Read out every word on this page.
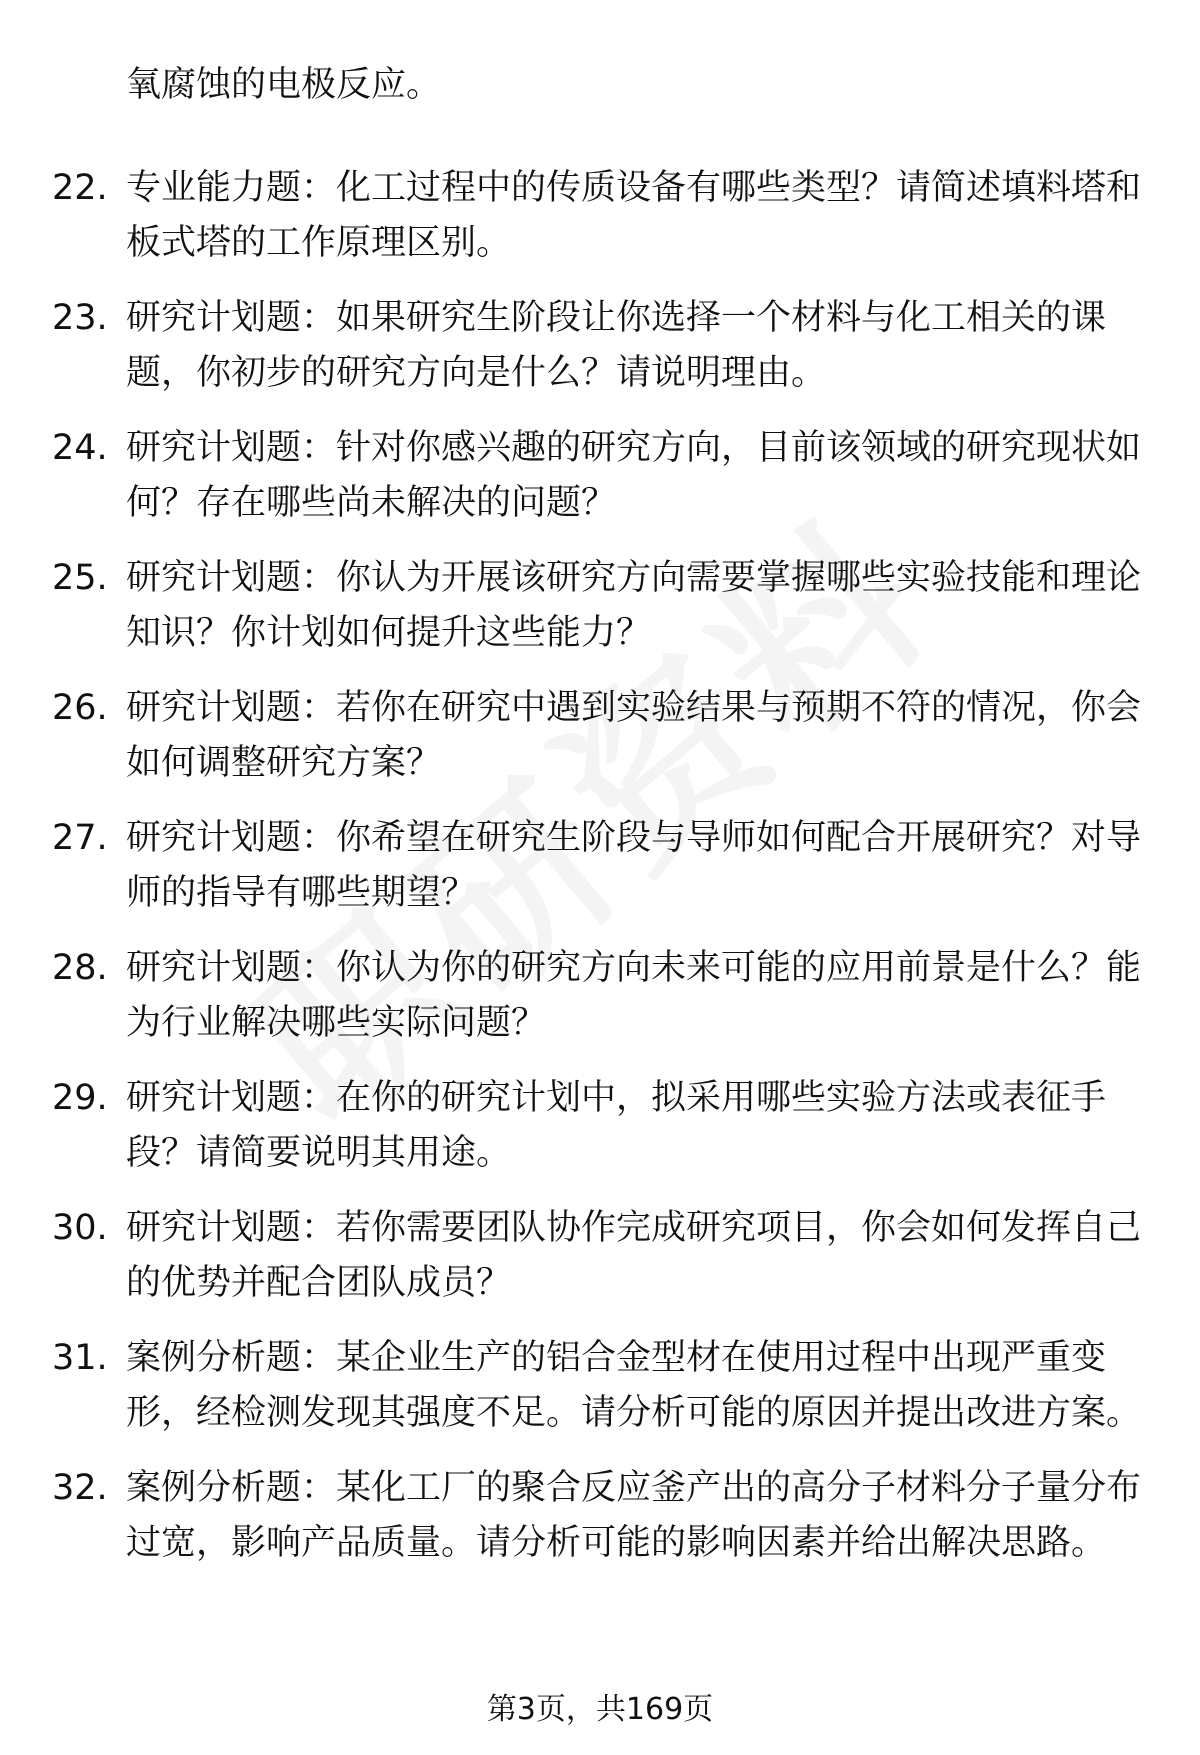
氧腐蚀的电极反应。
22. 专业能力题：化工过程中的传质设备有哪些类型？请简述填料塔和板式塔的工作原理区别。
23. 研究计划题：如果研究生阶段让你选择一个材料与化工相关的课题，你初步的研究方向是什么？请说明理由。
24. 研究计划题：针对你感兴趣的研究方向，目前该领域的研究现状如何？存在哪些尚未解决的问题？
25. 研究计划题：你认为开展该研究方向需要掌握哪些实验技能和理论知识？你计划如何提升这些能力？
26. 研究计划题：若你在研究中遇到实验结果与预期不符的情况，你会如何调整研究方案？
27. 研究计划题：你希望在研究生阶段与导师如何配合开展研究？对导师的指导有哪些期望？
28. 研究计划题：你认为你的研究方向未来可能的应用前景是什么？能为行业解决哪些实际问题？
29. 研究计划题：在你的研究计划中，拟采用哪些实验方法或表征手段？请简要说明其用途。
30. 研究计划题：若你需要团队协作完成研究项目，你会如何发挥自己的优势并配合团队成员？
31. 案例分析题：某企业生产的铝合金型材在使用过程中出现严重变形，经检测发现其强度不足。请分析可能的原因并提出改进方案。
32. 案例分析题：某化工厂的聚合反应釜产出的高分子材料分子量分布过宽，影响产品质量。请分析可能的影响因素并给出解决思路。
第3页，共169页
